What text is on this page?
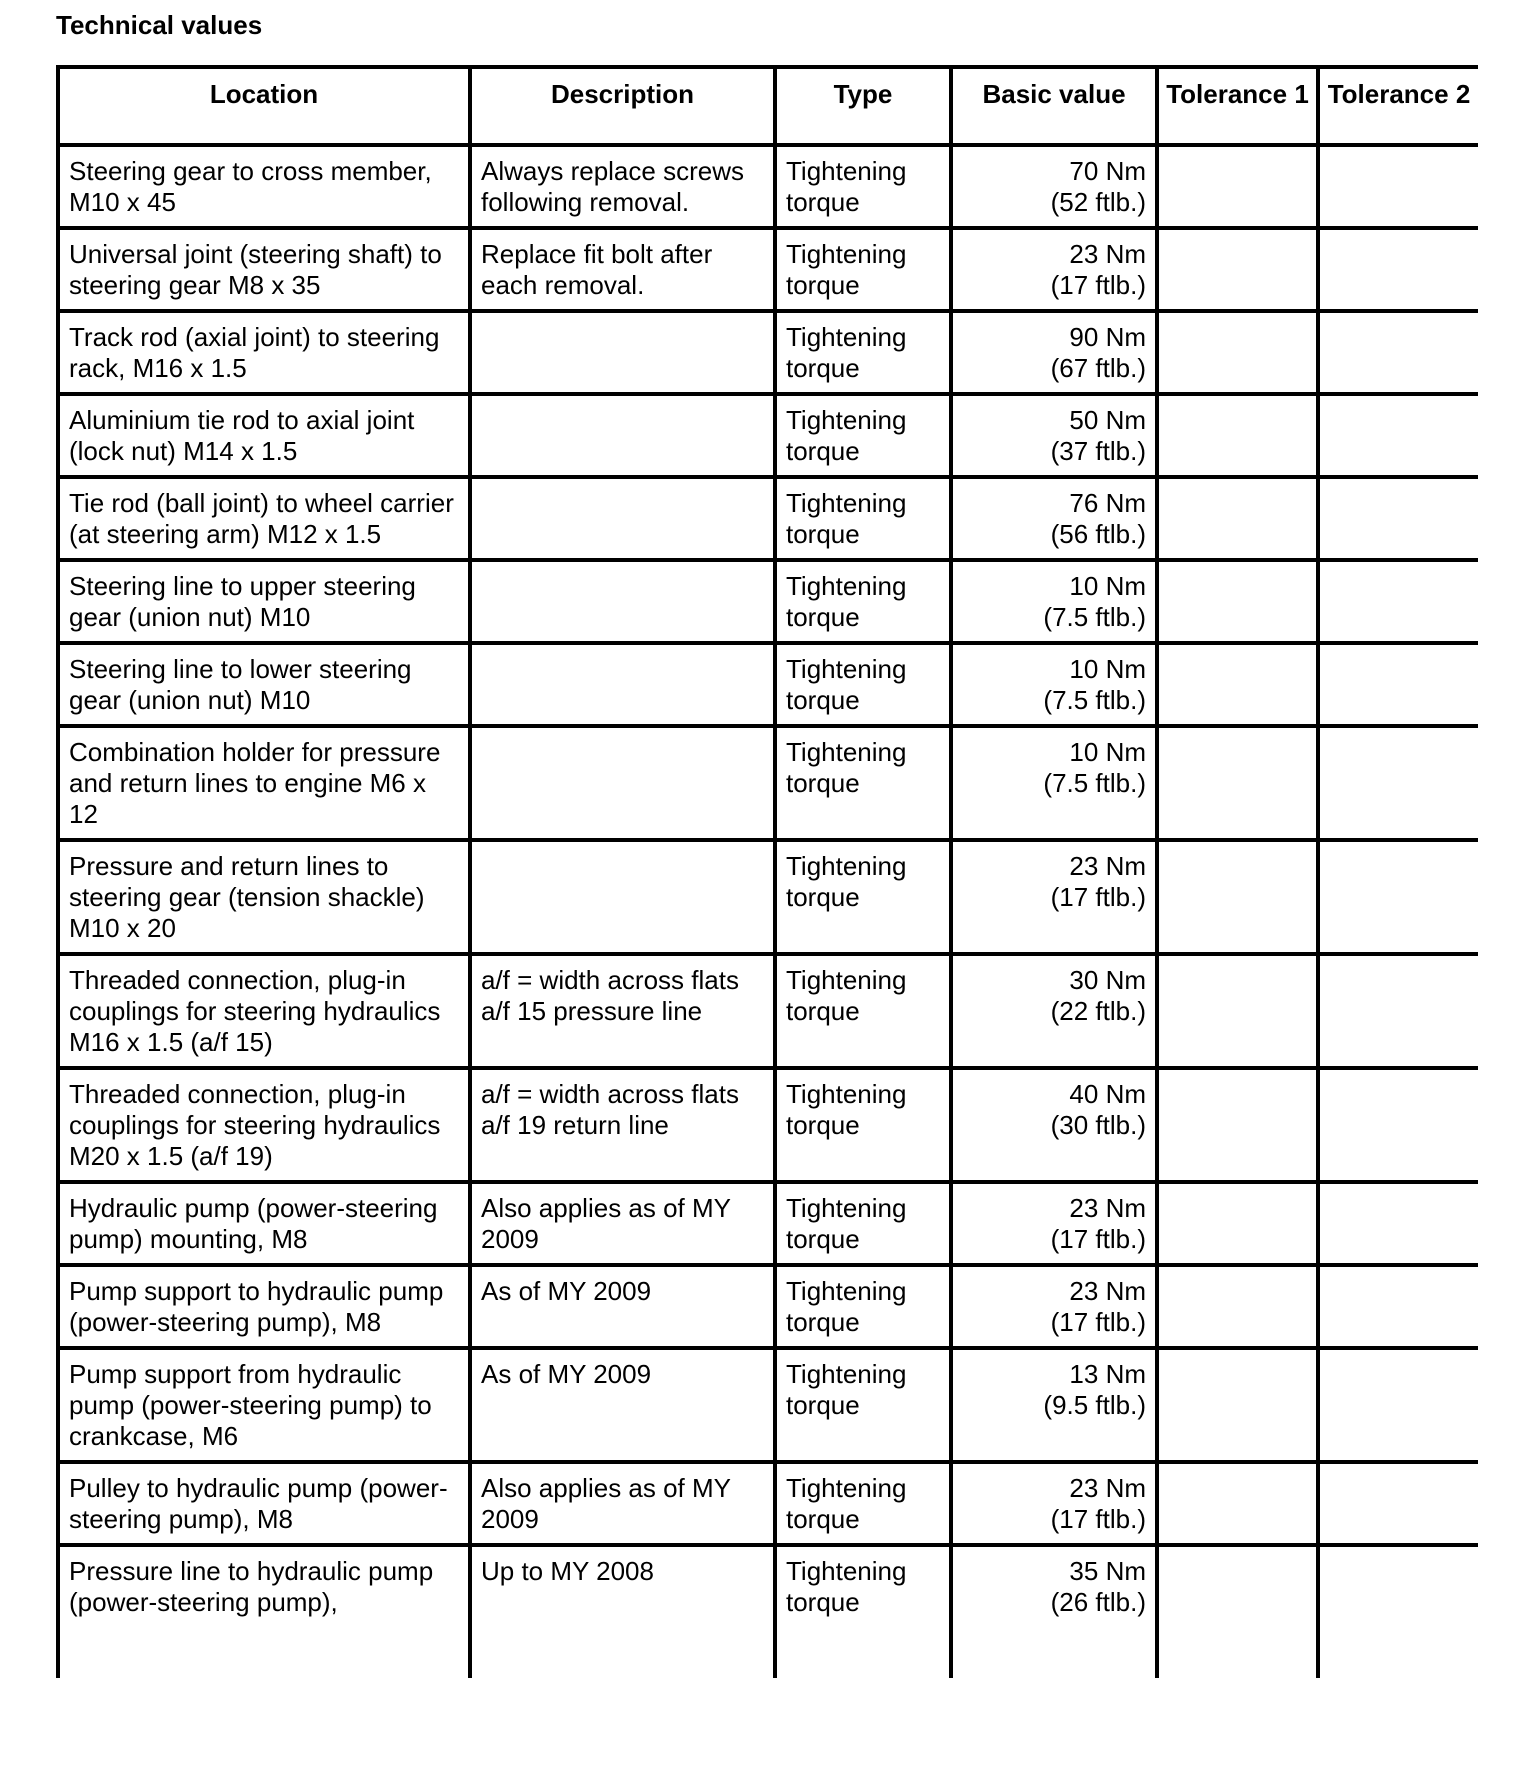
Technical values
Location	Description	Type	Basic value	Tolerance 1	Tolerance 2
Steering gear to cross member, M10 x 45	Always replace screws following removal.	Tightening torque	70 Nm
(52 ftlb.)		

Universal joint (steering shaft) to steering gear M8 x 35	Replace fit bolt after each removal.	Tightening torque	23 Nm
(17 ftlb.)		

Track rod (axial joint) to steering rack, M16 x 1.5		Tightening torque	90 Nm
(67 ftlb.)		

Aluminium tie rod to axial joint (lock nut) M14 x 1.5		Tightening torque	50 Nm
(37 ftlb.)		

Tie rod (ball joint) to wheel carrier (at steering arm) M12 x 1.5		Tightening torque	76 Nm
(56 ftlb.)		

Steering line to upper steering gear (union nut) M10		Tightening torque	10 Nm
(7.5 ftlb.)		

Steering line to lower steering gear (union nut) M10		Tightening torque	10 Nm
(7.5 ftlb.)		

Combination holder for pressure and return lines to engine M6 x 12		Tightening torque	10 Nm
(7.5 ftlb.)		

Pressure and return lines to steering gear (tension shackle) M10 x 20		Tightening torque	23 Nm
(17 ftlb.)		

Threaded connection, plug-in couplings for steering hydraulics M16 x 1.5 (a/f 15)	a/f = width across flats a/f 15 pressure line	Tightening torque	30 Nm
(22 ftlb.)		

Threaded connection, plug-in couplings for steering hydraulics M20 x 1.5 (a/f 19)	a/f = width across flats a/f 19 return line	Tightening torque	40 Nm
(30 ftlb.)		

Hydraulic pump (power-steering pump) mounting, M8	Also applies as of MY 2009	Tightening torque	23 Nm
(17 ftlb.)		

Pump support to hydraulic pump (power-steering pump), M8	As of MY 2009	Tightening torque	23 Nm
(17 ftlb.)		

Pump support from hydraulic pump (power-steering pump) to crankcase, M6	As of MY 2009	Tightening torque	13 Nm
(9.5 ftlb.)		

Pulley to hydraulic pump (power-steering pump), M8	Also applies as of MY 2009	Tightening torque	23 Nm
(17 ftlb.)		

Pressure line to hydraulic pump (power-steering pump),	Up to MY 2008	Tightening torque	35 Nm
(26 ftlb.)		
